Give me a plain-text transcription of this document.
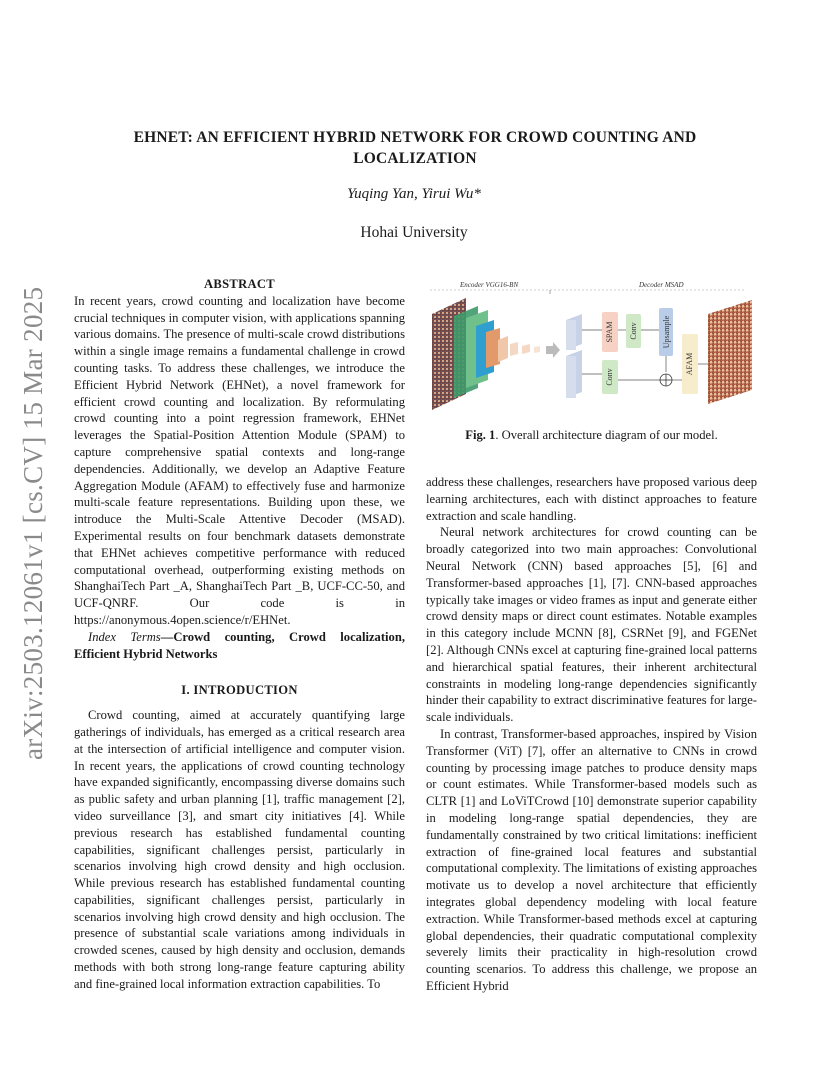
EHNET: AN EFFICIENT HYBRID NETWORK FOR CROWD COUNTING AND LOCALIZATION
Yuqing Yan, Yirui Wu*
Hohai University
arXiv:2503.12061v1 [cs.CV] 15 Mar 2025
ABSTRACT

In recent years, crowd counting and localization have become crucial techniques in computer vision, with applications spanning various domains. The presence of multi-scale crowd distributions within a single image remains a fundamental challenge in crowd counting tasks. To address these challenges, we introduce the Efficient Hybrid Network (EHNet), a novel framework for efficient crowd counting and localization. By reformulating crowd counting into a point regression framework, EHNet leverages the Spatial-Position Attention Module (SPAM) to capture comprehensive spatial contexts and long-range dependencies. Additionally, we develop an Adaptive Feature Aggregation Module (AFAM) to effectively fuse and harmonize multi-scale feature representations. Building upon these, we introduce the Multi-Scale Attentive Decoder (MSAD). Experimental results on four benchmark datasets demonstrate that EHNet achieves competitive performance with reduced computational overhead, outperforming existing methods on ShanghaiTech Part _A, ShanghaiTech Part _B, UCF-CC-50, and UCF-QNRF. Our code is in https://anonymous.4open.science/r/EHNet.

Index Terms—Crowd counting, Crowd localization, Efficient Hybrid Networks

I. INTRODUCTION

Crowd counting, aimed at accurately quantifying large gatherings of individuals, has emerged as a critical research area at the intersection of artificial intelligence and computer vision. In recent years, the applications of crowd counting technology have expanded significantly, encompassing diverse domains such as public safety and urban planning [1], traffic management [2], video surveillance [3], and smart city initiatives [4]. While previous research has established fundamental counting capabilities, significant challenges persist, particularly in scenarios involving high crowd density and high occlusion. While previous research has established fundamental counting capabilities, significant challenges persist, particularly in scenarios involving high crowd density and high occlusion. The presence of substantial scale variations among individuals in crowded scenes, caused by high density and occlusion, demands methods with both strong long-range feature capturing ability and fine-grained local information extraction capabilities. To

Encoder VGG16-BN	Decoder MSAD
SPAM Conv	Upsample
Conv
AFAM
Fig. 1. Overall architecture diagram of our model.

address these challenges, researchers have proposed various deep learning architectures, each with distinct approaches to feature extraction and scale handling.

Neural network architectures for crowd counting can be broadly categorized into two main approaches: Convolutional Neural Network (CNN) based approaches [5], [6] and Transformer-based approaches [1], [7]. CNN-based approaches typically take images or video frames as input and generate either crowd density maps or direct count estimates. Notable examples in this category include MCNN [8], CSRNet [9], and FGENet [2]. Although CNNs excel at capturing fine-grained local patterns and hierarchical spatial features, their inherent architectural constraints in modeling long-range dependencies significantly hinder their capability to extract discriminative features for large-scale individuals.

In contrast, Transformer-based approaches, inspired by Vision Transformer (ViT) [7], offer an alternative to CNNs in crowd counting by processing image patches to produce density maps or count estimates. While Transformer-based models such as CLTR [1] and LoViTCrowd [10] demonstrate superior capability in modeling long-range spatial dependencies, they are fundamentally constrained by two critical limitations: inefficient extraction of fine-grained local features and substantial computational complexity. The limitations of existing approaches motivate us to develop a novel architecture that efficiently integrates global dependency modeling with local feature extraction. While Transformer-based methods excel at capturing global dependencies, their quadratic computational complexity severely limits their practicality in high-resolution crowd counting scenarios. To address this challenge, we propose an Efficient Hybrid
